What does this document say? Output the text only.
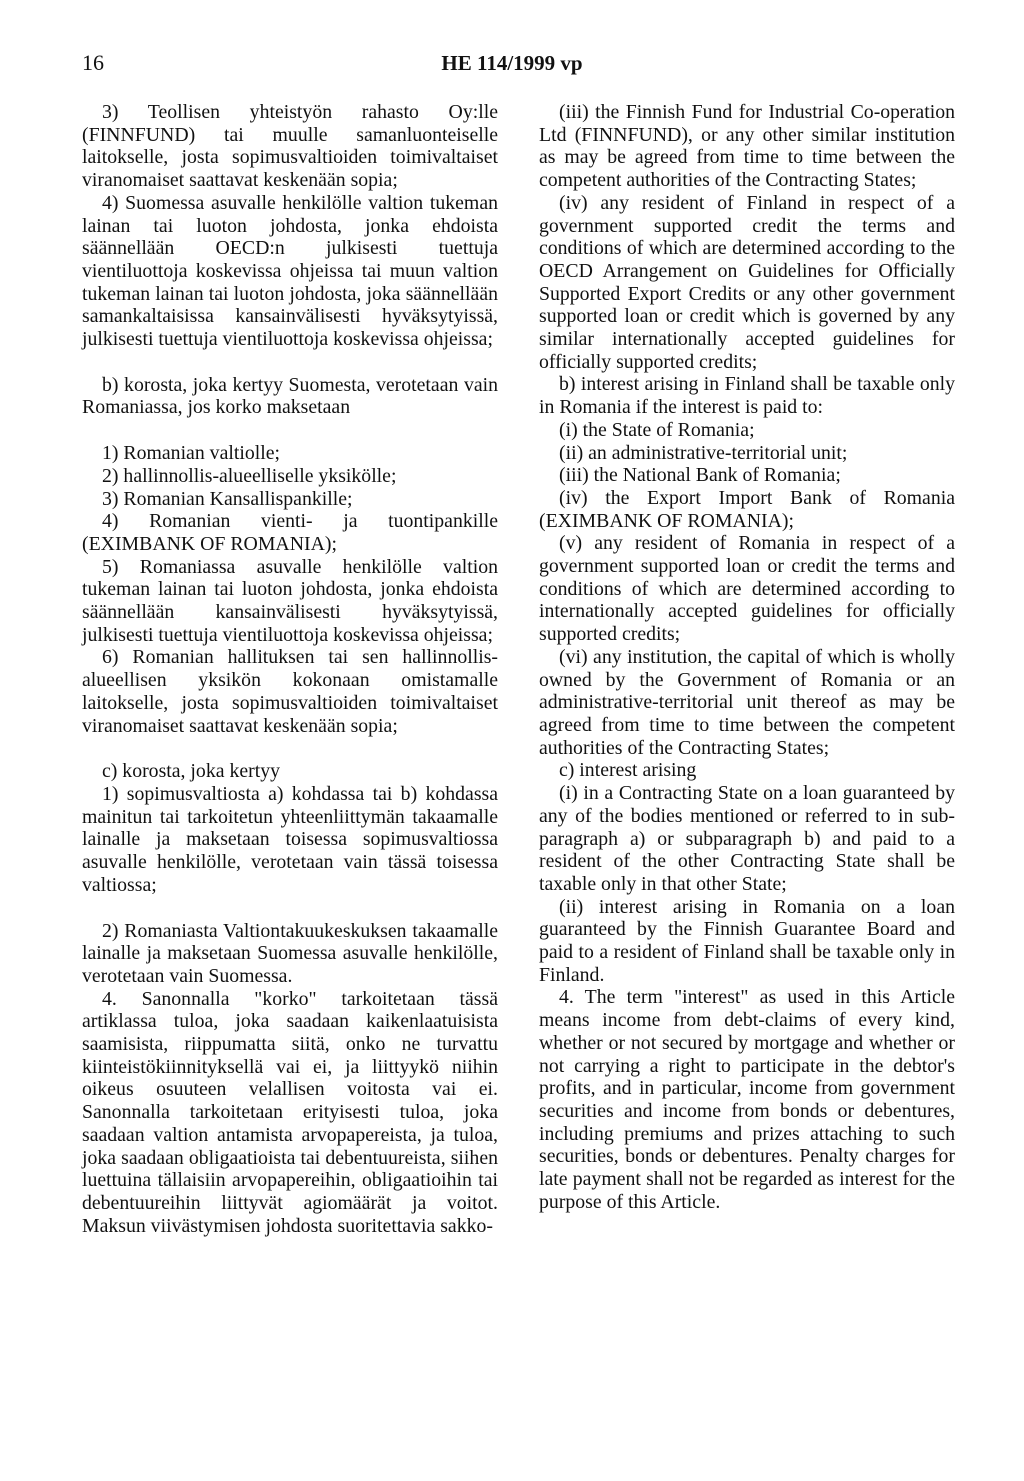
16	HE 114/1999 vp

3) Teollisen yhteistyön rahasto Oy:lle (FINNFUND) tai muulle samanluonteiselle laitokselle, josta sopimusvaltioiden toimivaltaiset viranomaiset saattavat keskenään sopia;

4) Suomessa asuvalle henkilölle valtion tukeman lainan tai luoton johdosta, jonka ehdoista säännellään OECD:n julkisesti tuettuja vientiluottoja koskevissa ohjeissa tai muun valtion tukeman lainan tai luoton johdosta, joka säännellään samankaltaisissa kansainvälisesti hyväksytyissä, julkisesti tuettuja vientiluottoja koskevissa ohjeissa;

b) korosta, joka kertyy Suomesta, verotetaan vain Romaniassa, jos korko maksetaan

1) Romanian valtiolle;

2) hallinnollis-alueelliselle yksikölle;

3) Romanian Kansallispankille;

4) Romanian vienti- ja tuontipankille (EXIMBANK OF ROMANIA);

5) Romaniassa asuvalle henkilölle valtion tukeman lainan tai luoton johdosta, jonka ehdoista säännellään kansainvälisesti hyväksytyissä, julkisesti tuettuja vientiluottoja koskevissa ohjeissa;

6) Romanian hallituksen tai sen hallinnollis-alueellisen yksikön kokonaan omistamalle laitokselle, josta sopimusvaltioiden toimivaltaiset viranomaiset saattavat keskenään sopia;

c) korosta, joka kertyy

1) sopimusvaltiosta a) kohdassa tai b) kohdassa mainitun tai tarkoitetun yhteenliittymän takaamalle lainalle ja maksetaan toisessa sopimusvaltiossa asuvalle henkilölle, verotetaan vain tässä toisessa valtiossa;

2) Romaniasta Valtiontakuukeskuksen takaamalle lainalle ja maksetaan Suomessa asuvalle henkilölle, verotetaan vain Suomessa.

4. Sanonnalla "korko" tarkoitetaan tässä artiklassa tuloa, joka saadaan kaikenlaatuisista saamisista, riippumatta siitä, onko ne turvattu kiinteistökiinnityksellä vai ei, ja liittyykö niihin oikeus osuuteen velallisen voitosta vai ei. Sanonnalla tarkoitetaan erityisesti tuloa, joka saadaan valtion antamista arvopapereista, ja tuloa, joka saadaan obligaatioista tai debentuureista, siihen luettuina tällaisiin arvopapereihin, obligaatioihin tai debentuureihin liittyvät agiomäärät ja voitot. Maksun viivästymisen johdosta suoritettavia sakko-

(iii) the Finnish Fund for Industrial Co-operation Ltd (FINNFUND), or any other similar institution as may be agreed from time to time between the competent authorities of the Contracting States;

(iv) any resident of Finland in respect of a government supported credit the terms and conditions of which are determined according to the OECD Arrangement on Guidelines for Officially Supported Export Credits or any other government supported loan or credit which is governed by any similar internationally accepted guidelines for officially supported credits;

b) interest arising in Finland shall be taxable only in Romania if the interest is paid to:

(i) the State of Romania;

(ii) an administrative-territorial unit;

(iii) the National Bank of Romania;

(iv) the Export Import Bank of Romania (EXIMBANK OF ROMANIA);

(v) any resident of Romania in respect of a government supported loan or credit the terms and conditions of which are determined according to internationally accepted guidelines for officially supported credits;

(vi) any institution, the capital of which is wholly owned by the Government of Romania or an administrative-territorial unit thereof as may be agreed from time to time between the competent authorities of the Contracting States;

c) interest arising

(i) in a Contracting State on a loan guaranteed by any of the bodies mentioned or referred to in sub-paragraph a) or subparagraph b) and paid to a resident of the other Contracting State shall be taxable only in that other State;

(ii) interest arising in Romania on a loan guaranteed by the Finnish Guarantee Board and paid to a resident of Finland shall be taxable only in Finland.

4. The term "interest" as used in this Article means income from debt-claims of every kind, whether or not secured by mortgage and whether or not carrying a right to participate in the debtor's profits, and in particular, income from government securities and income from bonds or debentures, including premiums and prizes attaching to such securities, bonds or debentures. Penalty charges for late payment shall not be regarded as interest for the purpose of this Article.
